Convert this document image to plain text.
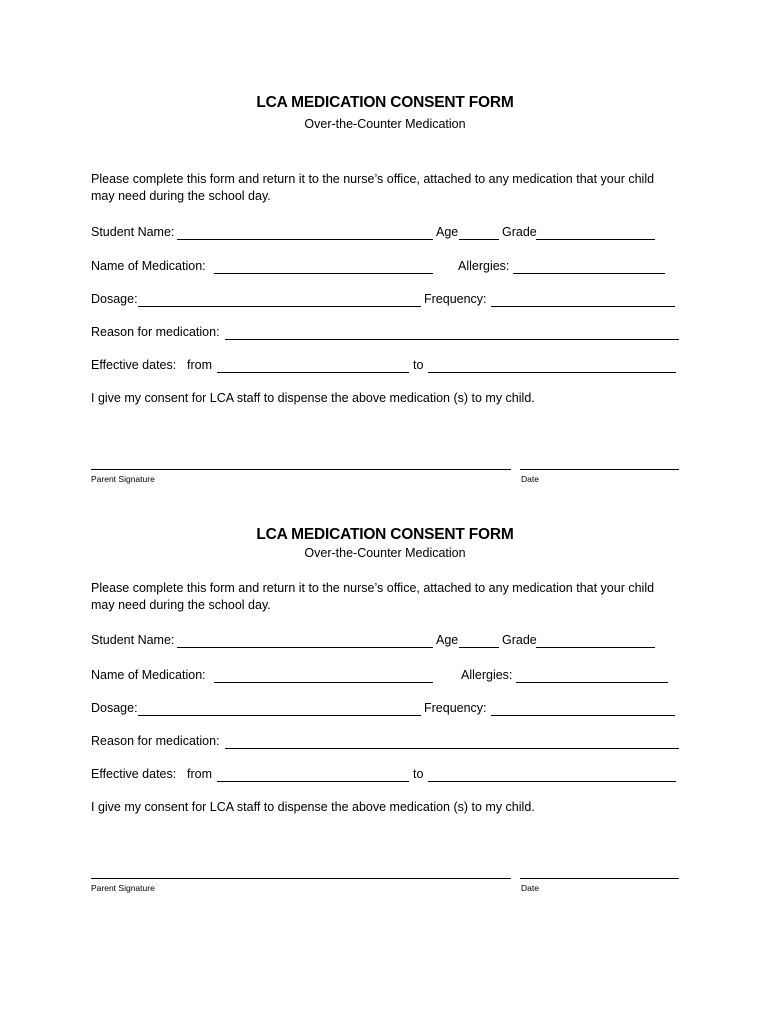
LCA MEDICATION CONSENT FORM
Over-the-Counter Medication
Please complete this form and return it to the nurse’s office, attached to any medication that your child
may need during the school day.
Student Name:	Age	Grade
Name of Medication:	Allergies:
Dosage:	Frequency:
Reason for medication:
Effective dates: from	to
I give my consent for LCA staff to dispense the above medication (s) to my child.
Parent Signature	Date
LCA MEDICATION CONSENT FORM
Over-the-Counter Medication
Please complete this form and return it to the nurse’s office, attached to any medication that your child
may need during the school day.
Student Name:	Age	Grade
Name of Medication:	Allergies:
Dosage:	Frequency:
Reason for medication:
Effective dates: from	to
I give my consent for LCA staff to dispense the above medication (s) to my child.
Parent Signature	Date
